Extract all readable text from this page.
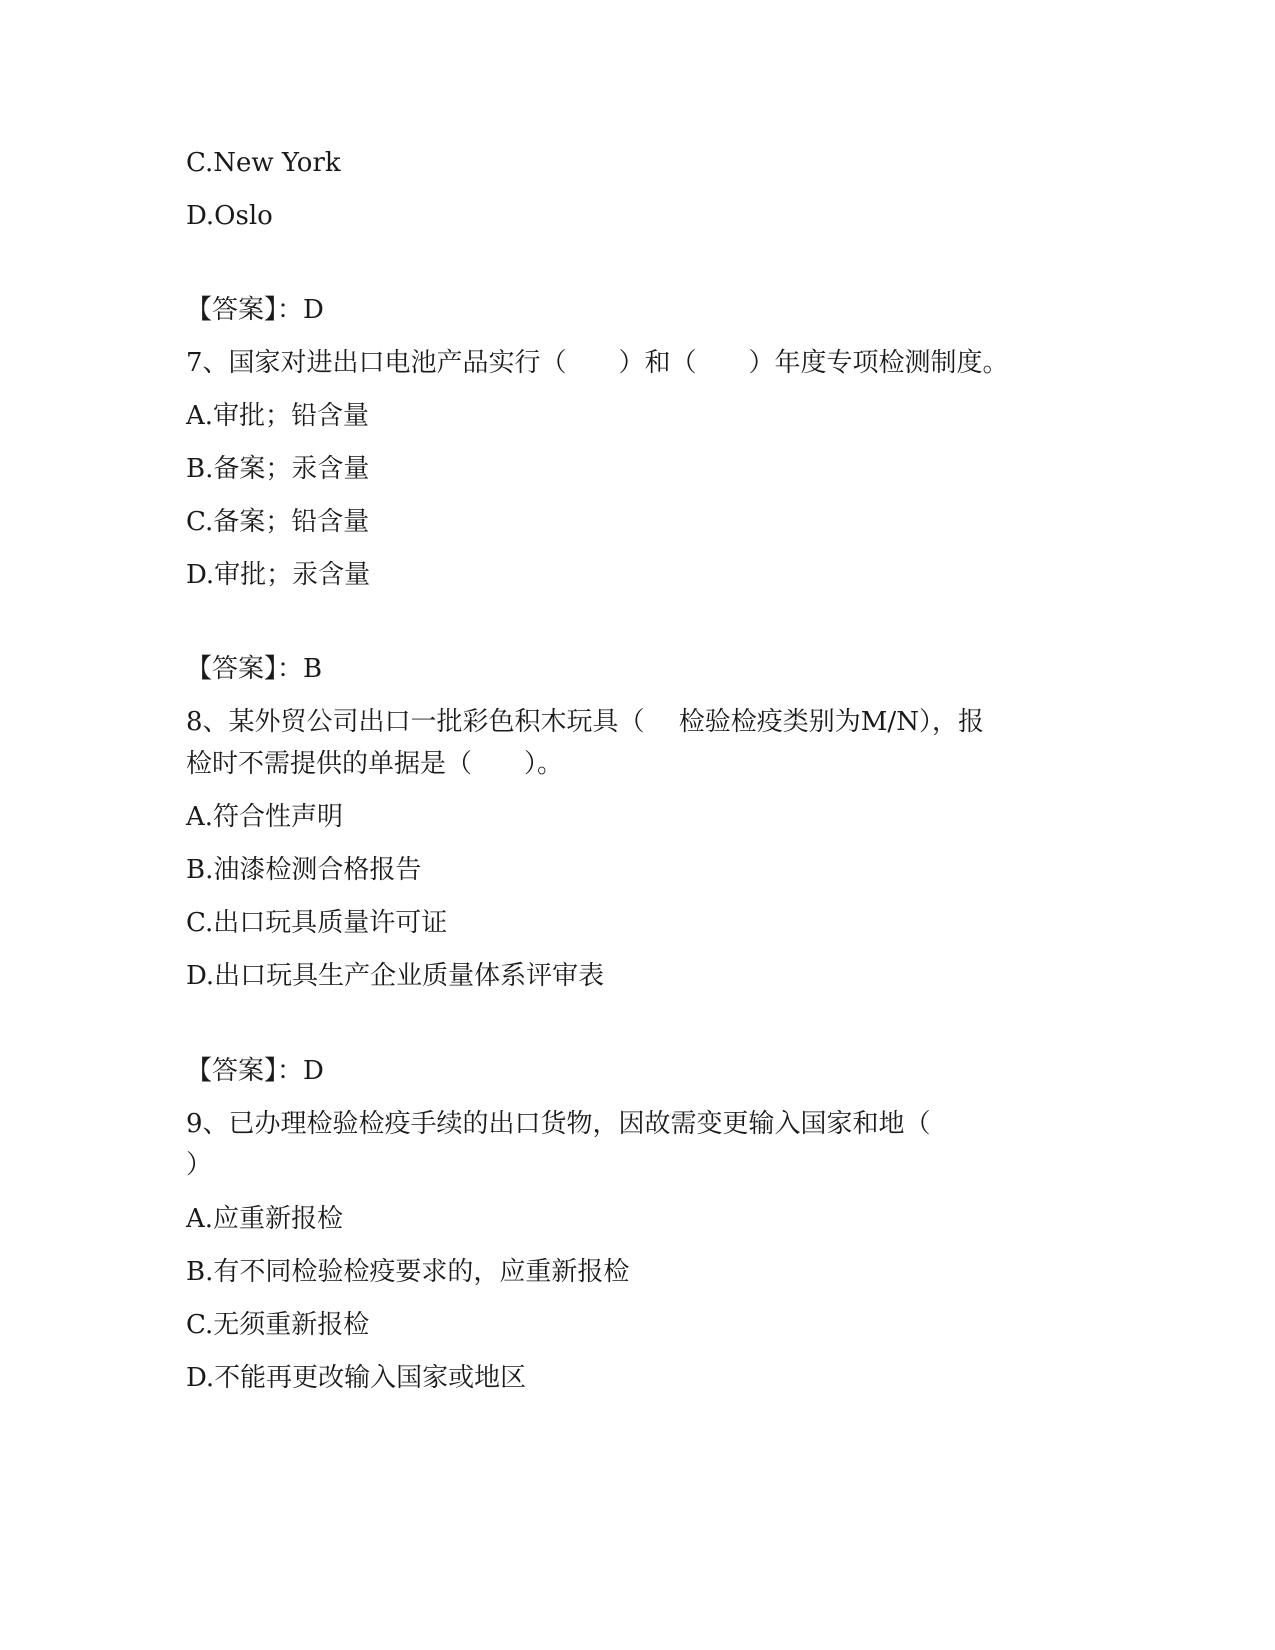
C.New York
D.Oslo
【答案】：D
7、国家对进出口电池产品实行（　　）和（　　）年度专项检测制度。
A.审批；铅含量
B.备案；汞含量
C.备案；铅含量
D.审批；汞含量
【答案】：B
8、某外贸公司出口一批彩色积木玩具（　 检验检疫类别为M/N），报
检时不需提供的单据是（　　）。
A.符合性声明
B.油漆检测合格报告
C.出口玩具质量许可证
D.出口玩具生产企业质量体系评审表
【答案】：D
9、已办理检验检疫手续的出口货物，因故需变更输入国家和地（
）
A.应重新报检
B.有不同检验检疫要求的，应重新报检
C.无须重新报检
D.不能再更改输入国家或地区
